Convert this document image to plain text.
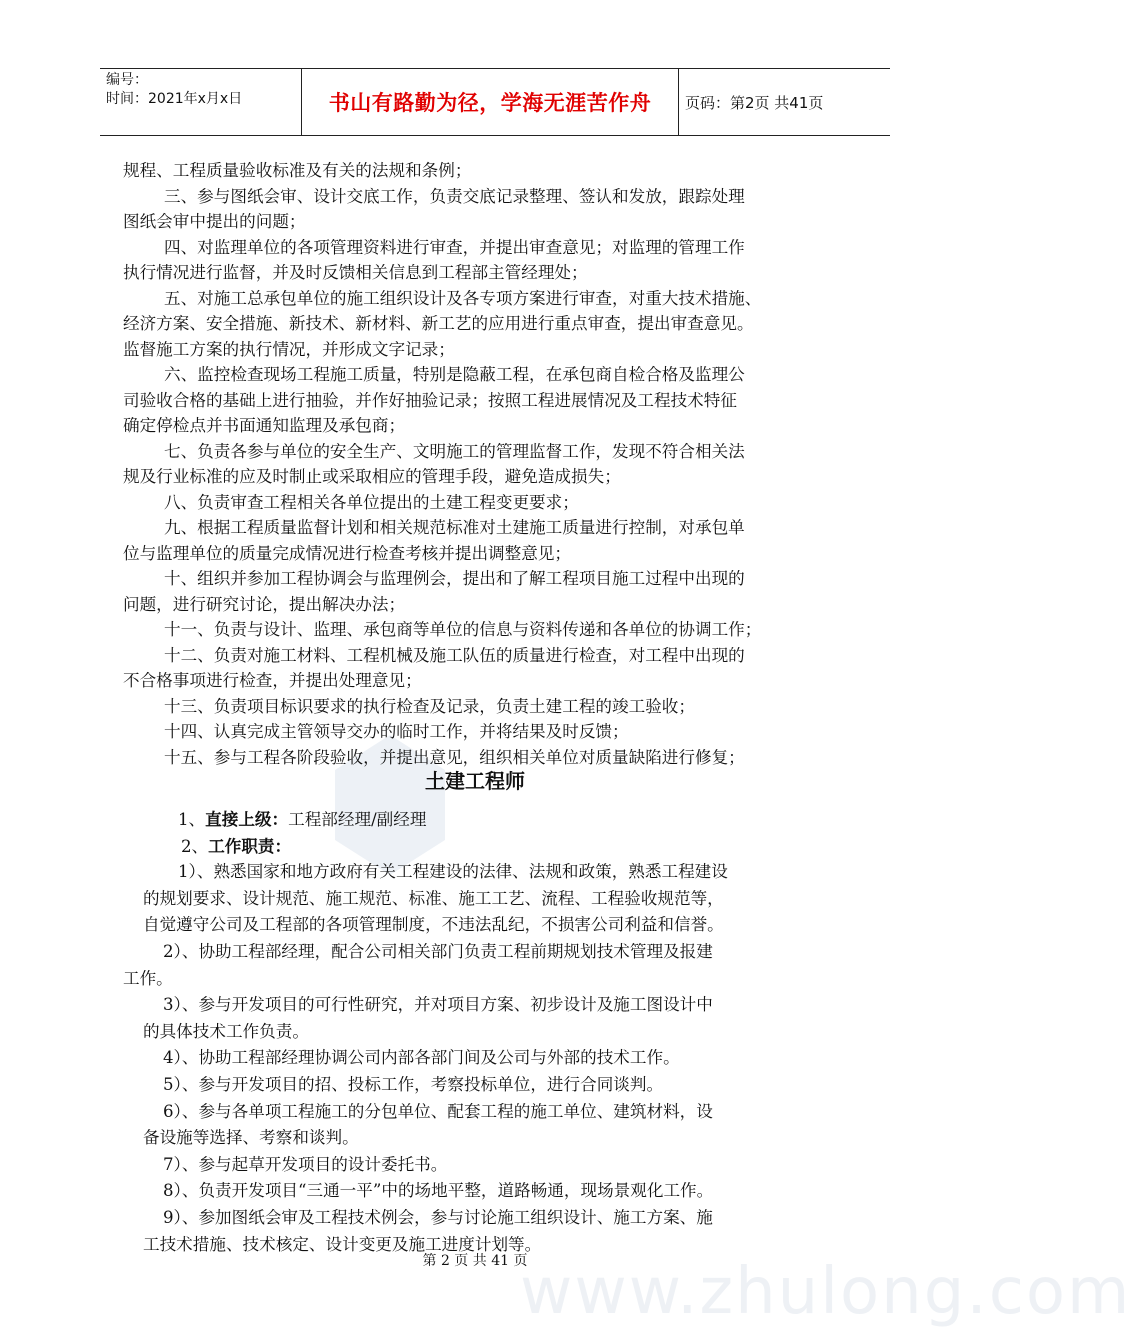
编号：
时间：2021年x月x日	书山有路勤为径，学海无涯苦作舟	页码：第2页 共41页
规程、工程质量验收标准及有关的法规和条例；
三、参与图纸会审、设计交底工作，负责交底记录整理、签认和发放，跟踪处理
图纸会审中提出的问题；
四、对监理单位的各项管理资料进行审查，并提出审查意见；对监理的管理工作
执行情况进行监督，并及时反馈相关信息到工程部主管经理处；
五、对施工总承包单位的施工组织设计及各专项方案进行审查，对重大技术措施、
经济方案、安全措施、新技术、新材料、新工艺的应用进行重点审查，提出审查意见。
监督施工方案的执行情况，并形成文字记录；
六、监控检查现场工程施工质量，特别是隐蔽工程，在承包商自检合格及监理公
司验收合格的基础上进行抽验，并作好抽验记录；按照工程进展情况及工程技术特征
确定停检点并书面通知监理及承包商；
七、负责各参与单位的安全生产、文明施工的管理监督工作，发现不符合相关法
规及行业标准的应及时制止或采取相应的管理手段，避免造成损失；
八、负责审查工程相关各单位提出的土建工程变更要求；
九、根据工程质量监督计划和相关规范标准对土建施工质量进行控制，对承包单
位与监理单位的质量完成情况进行检查考核并提出调整意见；
十、组织并参加工程协调会与监理例会，提出和了解工程项目施工过程中出现的
问题，进行研究讨论，提出解决办法；
十一、负责与设计、监理、承包商等单位的信息与资料传递和各单位的协调工作；
十二、负责对施工材料、工程机械及施工队伍的质量进行检查，对工程中出现的
不合格事项进行检查，并提出处理意见；
十三、负责项目标识要求的执行检查及记录，负责土建工程的竣工验收；
十四、认真完成主管领导交办的临时工作，并将结果及时反馈；
十五、参与工程各阶段验收，并提出意见，组织相关单位对质量缺陷进行修复；
土建工程师
1、直接上级：工程部经理/副经理
2、工作职责：
1）、熟悉国家和地方政府有关工程建设的法律、法规和政策，熟悉工程建设
的规划要求、设计规范、施工规范、标准、施工工艺、流程、工程验收规范等，
自觉遵守公司及工程部的各项管理制度，不违法乱纪，不损害公司利益和信誉。
2）、协助工程部经理，配合公司相关部门负责工程前期规划技术管理及报建
工作。
3）、参与开发项目的可行性研究，并对项目方案、初步设计及施工图设计中
的具体技术工作负责。
4）、协助工程部经理协调公司内部各部门间及公司与外部的技术工作。
5）、参与开发项目的招、投标工作，考察投标单位，进行合同谈判。
6）、参与各单项工程施工的分包单位、配套工程的施工单位、建筑材料，设
备设施等选择、考察和谈判。
7）、参与起草开发项目的设计委托书。
8）、负责开发项目“三通一平”中的场地平整，道路畅通，现场景观化工作。
9）、参加图纸会审及工程技术例会，参与讨论施工组织设计、施工方案、施
工技术措施、技术核定、设计变更及施工进度计划等。
第 2 页 共 41 页
www.zhulong.com
